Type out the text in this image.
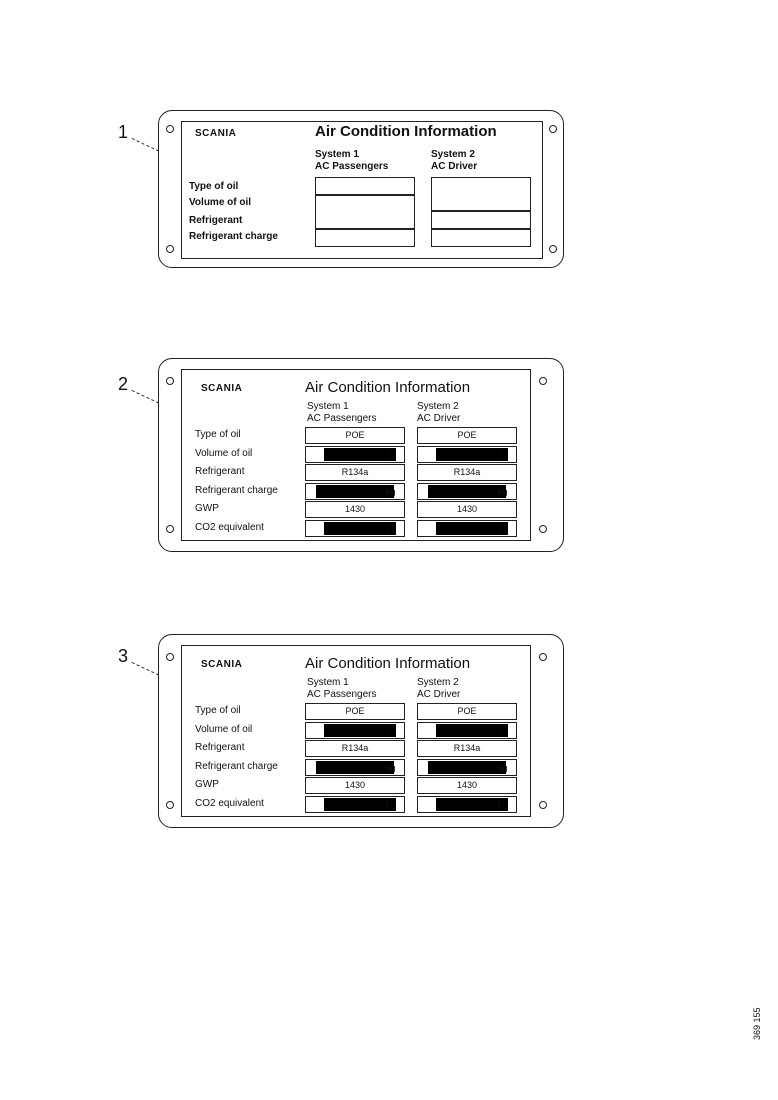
1
2
3
SCANIA	Air Condition Information
System 1
AC Passengers
System 2
AC Driver
Type of oil
Volume of oil
Refrigerant
Refrigerant charge
SCANIA	Air Condition Information
System 1
AC Passengers
System 2
AC Driver
Type of oil	POE	POE
Volume of oil	l	l
Refrigerant	R134a	R134a
Refrigerant charge	kg	kg
GWP	1430	1430
CO2 equivalent	t	t
SCANIA	Air Condition Information
System 1
AC Passengers
System 2
AC Driver
Type of oil	POE	POE
Volume of oil	l	l
Refrigerant	R134a	R134a
Refrigerant charge	kg	kg
GWP	1430	1430
CO2 equivalent	t	t
369 155
